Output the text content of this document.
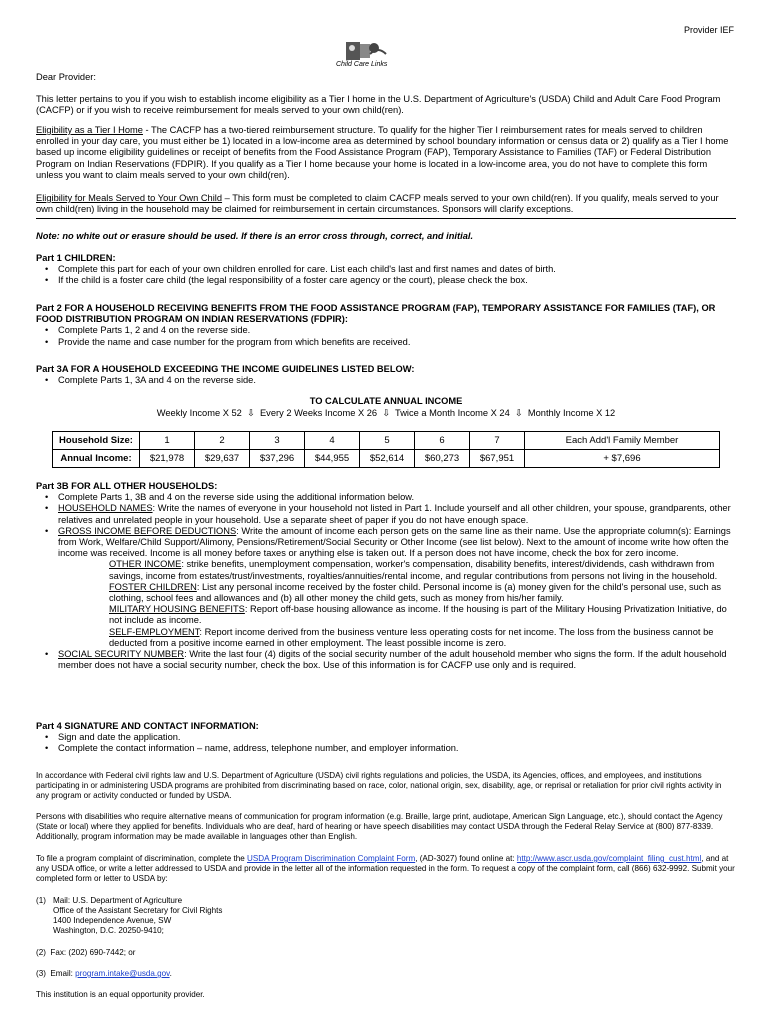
Provider IEF
Child Care Links
Dear Provider:
This letter pertains to you if you wish to establish income eligibility as a Tier I home in the U.S. Department of Agriculture's (USDA) Child and Adult Care Food Program (CACFP) or if you wish to receive reimbursement for meals served to your own child(ren).
Eligibility as a Tier I Home - The CACFP has a two-tiered reimbursement structure. To qualify for the higher Tier I reimbursement rates for meals served to children enrolled in your day care, you must either be 1) located in a low-income area as determined by school boundary information or census data or 2) qualify as a Tier I home based up income eligibility guidelines or receipt of benefits from the Food Assistance Program (FAP), Temporary Assistance to Families (TAF) or Federal Distribution Program on Indian Reservations (FDPIR). If you qualify as a Tier I home because your home is located in a low-income area, you do not have to complete this form unless you want to claim meals served to your own child(ren).
Eligibility for Meals Served to Your Own Child – This form must be completed to claim CACFP meals served to your own child(ren). If you qualify, meals served to your own child(ren) living in the household may be claimed for reimbursement in certain circumstances. Sponsors will clarify exceptions.
Note: no white out or erasure should be used. If there is an error cross through, correct, and initial.

Part 1 CHILDREN:

• Complete this part for each of your own children enrolled for care. List each child's last and first names and dates of birth.
• If the child is a foster care child (the legal responsibility of a foster care agency or the court), please check the box.

Part 2 FOR A HOUSEHOLD RECEIVING BENEFITS FROM THE FOOD ASSISTANCE PROGRAM (FAP), TEMPORARY ASSISTANCE FOR FAMILIES (TAF), OR FOOD DISTRIBUTION PROGRAM ON INDIAN RESERVATIONS (FDPIR):

• Complete Parts 1, 2 and 4 on the reverse side.
• Provide the name and case number for the program from which benefits are received.

Part 3A FOR A HOUSEHOLD EXCEEDING THE INCOME GUIDELINES LISTED BELOW:

• Complete Parts 1, 3A and 4 on the reverse side.
TO CALCULATE ANNUAL INCOME
Weekly Income X 52  ⇩  Every 2 Weeks Income X 26  ⇩  Twice a Month Income X 24  ⇩  Monthly Income X 12
Household Size:	1	2	3	4	5	6	7	Each Add'l Family Member
Annual Income:	$21,978	$29,637	$37,296	$44,955	$52,614	$60,273	$67,951	+ $7,696

Part 3B FOR ALL OTHER HOUSEHOLDS:

• Complete Parts 1, 3B and 4 on the reverse side using the additional information below.
• HOUSEHOLD NAMES: Write the names of everyone in your household not listed in Part 1. Include yourself and all other children, your spouse, grandparents, other relatives and unrelated people in your household. Use a separate sheet of paper if you do not have enough space.
• GROSS INCOME BEFORE DEDUCTIONS: Write the amount of income each person gets on the same line as their name. Use the appropriate column(s): Earnings from Work, Welfare/Child Support/Alimony, Pensions/Retirement/Social Security or Other Income (see list below). Next to the amount of income write how often the income was received. Income is all money before taxes or anything else is taken out. If a person does not have income, check the box for zero income.

OTHER INCOME: strike benefits, unemployment compensation, worker's compensation, disability benefits, interest/dividends, cash withdrawn from savings, income from estates/trust/investments, royalties/annuities/rental income, and regular contributions from persons not living in the household.

FOSTER CHILDREN: List any personal income received by the foster child. Personal income is (a) money given for the child's personal use, such as clothing, school fees and allowances and (b) all other money the child gets, such as money from his/her family.

MILITARY HOUSING BENEFITS: Report off-base housing allowance as income. If the housing is part of the Military Housing Privatization Initiative, do not include as income.

SELF-EMPLOYMENT: Report income derived from the business venture less operating costs for net income. The loss from the business cannot be deducted from a positive income earned in other employment. The least possible income is zero.

• SOCIAL SECURITY NUMBER: Write the last four (4) digits of the social security number of the adult household member who signs the form. If the adult household member does not have a social security number, check the box. Use of this information is for CACFP use only and is required.

Part 4 SIGNATURE AND CONTACT INFORMATION:

• Sign and date the application.
• Complete the contact information – name, address, telephone number, and employer information.
In accordance with Federal civil rights law and U.S. Department of Agriculture (USDA) civil rights regulations and policies, the USDA, its Agencies, offices, and employees, and institutions participating in or administering USDA programs are prohibited from discriminating based on race, color, national origin, sex, disability, age, or reprisal or retaliation for prior civil rights activity in any program or activity conducted or funded by USDA.
Persons with disabilities who require alternative means of communication for program information (e.g. Braille, large print, audiotape, American Sign Language, etc.), should contact the Agency (State or local) where they applied for benefits. Individuals who are deaf, hard of hearing or have speech disabilities may contact USDA through the Federal Relay Service at (800) 877-8339. Additionally, program information may be made available in languages other than English.
To file a program complaint of discrimination, complete the USDA Program Discrimination Complaint Form, (AD-3027) found online at: http://www.ascr.usda.gov/complaint_filing_cust.html, and at any USDA office, or write a letter addressed to USDA and provide in the letter all of the information requested in the form. To request a copy of the complaint form, call (866) 632-9992. Submit your completed form or letter to USDA by:
(1) Mail: U.S. Department of Agriculture
Office of the Assistant Secretary for Civil Rights
1400 Independence Avenue, SW
Washington, D.C. 20250-9410;
(2)  Fax: (202) 690-7442; or
(3)  Email: program.intake@usda.gov.
This institution is an equal opportunity provider.
